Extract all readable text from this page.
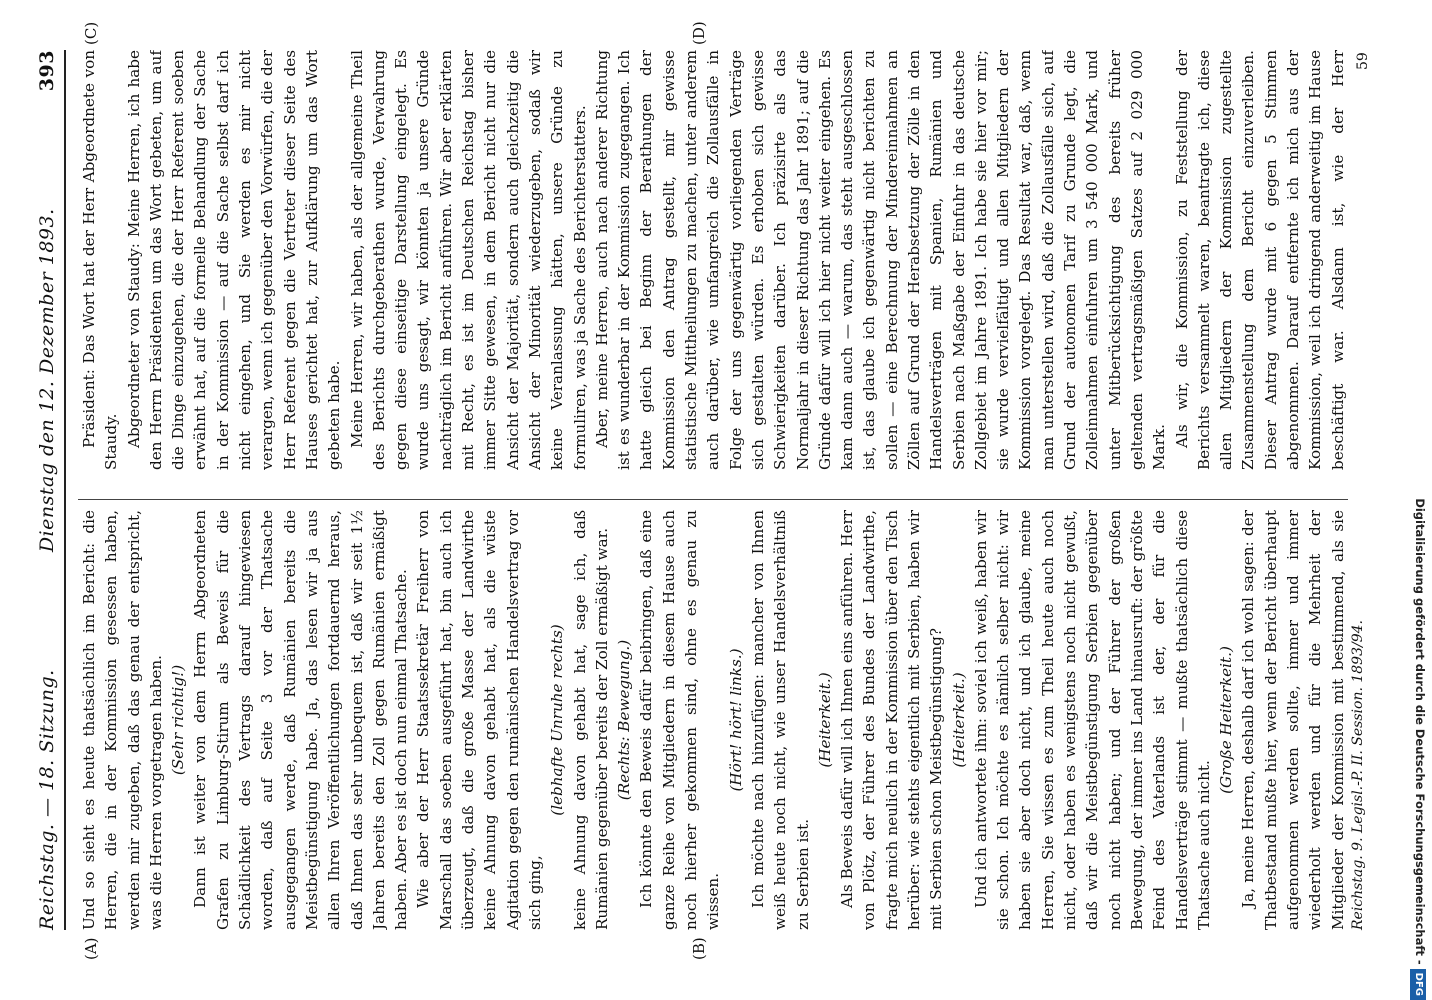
Reichstag. — 18. Sitzung.
Dienstag den 12. Dezember 1893.
393
(A)	(B)
(C)	(D)

Und so sieht es heute thatsächlich im Bericht: die Herren, die in der Kommission gesessen haben, werden mir zugeben, daß das genau der entspricht, was die Herren vorgetragen haben. (Sehr richtig!) Dann ist weiter von dem Herrn Abgeordneten Grafen zu Limburg-Stirum als Beweis für die Schädlichkeit des Vertrags darauf hingewiesen worden, daß auf Seite 3 vor der Thatsache ausgegangen werde, daß Rumänien bereits die Meistbegünstigung habe. Ja, das lesen wir ja aus allen Ihren Veröffentlichungen fortdauernd heraus, daß Ihnen das sehr unbequem ist, daß wir seit 1½ Jahren bereits den Zoll gegen Rumänien ermäßigt haben. Aber es ist doch nun einmal Thatsache. Wie aber der Herr Staatssekretär Freiherr von Marschall das soeben ausgeführt hat, bin auch ich überzeugt, daß die große Masse der Landwirthe keine Ahnung davon gehabt hat, als die wüste Agitation gegen den rumänischen Handelsvertrag vor sich ging,

(lebhafte Unruhe rechts) keine Ahnung davon gehabt hat, sage ich, daß Rumänien gegenüber bereits der Zoll ermäßigt war. (Rechts: Bewegung.) Ich könnte den Beweis dafür beibringen, daß eine ganze Reihe von Mitgliedern in diesem Hause auch noch hierher gekommen sind, ohne es genau zu wissen.

(Hört! hört! links.) Ich möchte nach hinzufügen: mancher von Ihnen weiß heute noch nicht, wie unser Handelsverhältniß zu Serbien ist.

(Heiterkeit.) Als Beweis dafür will ich Ihnen eins anführen. Herr von Plötz, der Führer des Bundes der Landwirthe, fragte mich neulich in der Kommission über den Tisch herüber: wie stehts eigentlich mit Serbien, haben wir mit Serbien schon Meistbegünstigung? (Heiterkeit.) Und ich antwortete ihm: soviel ich weiß, haben wir sie schon. Ich möchte es nämlich selber nicht: wir haben sie aber doch nicht, und ich glaube, meine Herren, Sie wissen es zum Theil heute auch noch nicht, oder haben es wenigstens noch nicht gewußt, daß wir die Meistbegünstigung Serbien gegenüber noch nicht haben; und der Führer der großen Bewegung, der immer ins Land hinausruft: der größte Feind des Vaterlands ist der, der für die Handelsverträge stimmt — mußte thatsächlich diese Thatsache auch nicht.

(Große Heiterkeit.)

Ja, meine Herren, deshalb darf ich wohl sagen: der Thatbestand mußte hier, wenn der Bericht überhaupt aufgenommen werden sollte, immer und immer wiederholt werden und für die Mehrheit der Mitglieder der Kommission mit bestimmend, als sie

Präsident: Das Wort hat der Herr Abgeordnete von Staudy. Abgeordneter von Staudy: Meine Herren, ich habe den Herrn Präsidenten um das Wort gebeten, um auf die Dinge einzugehen, die der Herr Referent soeben erwähnt hat, auf die formelle Behandlung der Sache in der Kommission — auf die Sache selbst darf ich nicht eingehen, und Sie werden es mir nicht verargen, wenn ich gegenüber den Vorwürfen, die der Herr Referent gegen die Vertreter dieser Seite des Hauses gerichtet hat, zur Aufklärung um das Wort gebeten habe. Meine Herren, wir haben, als der allgemeine Theil des Berichts durchgeberathen wurde, Verwahrung gegen diese einseitige Darstellung eingelegt. Es wurde uns gesagt, wir könnten ja unsere Gründe nachträglich im Bericht anführen. Wir aber erklärten mit Recht, es ist im Deutschen Reichstag bisher immer Sitte gewesen, in dem Bericht nicht nur die Ansicht der Majorität, sondern auch gleichzeitig die Ansicht der Minorität wiederzugeben, sodaß wir keine Veranlassung hätten, unsere Gründe zu formuliren, was ja Sache des Berichterstatters. Aber, meine Herren, auch nach anderer Richtung ist es wunderbar in der Kommission zugegangen. Ich hatte gleich bei Beginn der Berathungen der Kommission den Antrag gestellt, mir gewisse statistische Mittheilungen zu machen, unter anderem auch darüber, wie umfangreich die Zollausfälle in Folge der uns gegenwärtig vorliegenden Verträge sich gestalten würden. Es erhoben sich gewisse Schwierigkeiten darüber. Ich präzisirte als das Normaljahr in dieser Richtung das Jahr 1891; auf die Gründe dafür will ich hier nicht weiter eingehen. Es kam dann auch — warum, das steht ausgeschlossen ist, das glaube ich gegenwärtig nicht berichten zu sollen — eine Berechnung der Mindereinnahmen an Zöllen auf Grund der Herabsetzung der Zölle in den Handelsverträgen mit Spanien, Rumänien und Serbien nach Maßgabe der Einfuhr in das deutsche Zollgebiet im Jahre 1891. Ich habe sie hier vor mir; sie wurde vervielfältigt und allen Mitgliedern der Kommission vorgelegt. Das Resultat war, daß, wenn man unterstellen wird, daß die Zollausfälle sich, auf Grund der autonomen Tarif zu Grunde legt, die Zolleinnahmen einfuhren um 3 540 000 Mark, und unter Mitberücksichtigung des bereits früher geltenden vertragsmäßigen Satzes auf 2 029 000 Mark. Als wir, die Kommission, zu Feststellung der Berichts versammelt waren, beantragte ich, diese allen Mitgliedern der Kommission zugestellte Zusammenstellung dem Bericht einzuverleiben. Dieser Antrag wurde mit 6 gegen 5 Stimmen abgenommen. Darauf entfernte ich mich aus der Kommission, weil ich dringend anderweitig im Hause beschäftigt war. Alsdann ist, wie der Herr

Reichstag. 9. Legisl.-P. II. Session. 1893/94.
59
Digitalisierung gefördert durch die Deutsche Forschungsgemeinschaft -DFG
